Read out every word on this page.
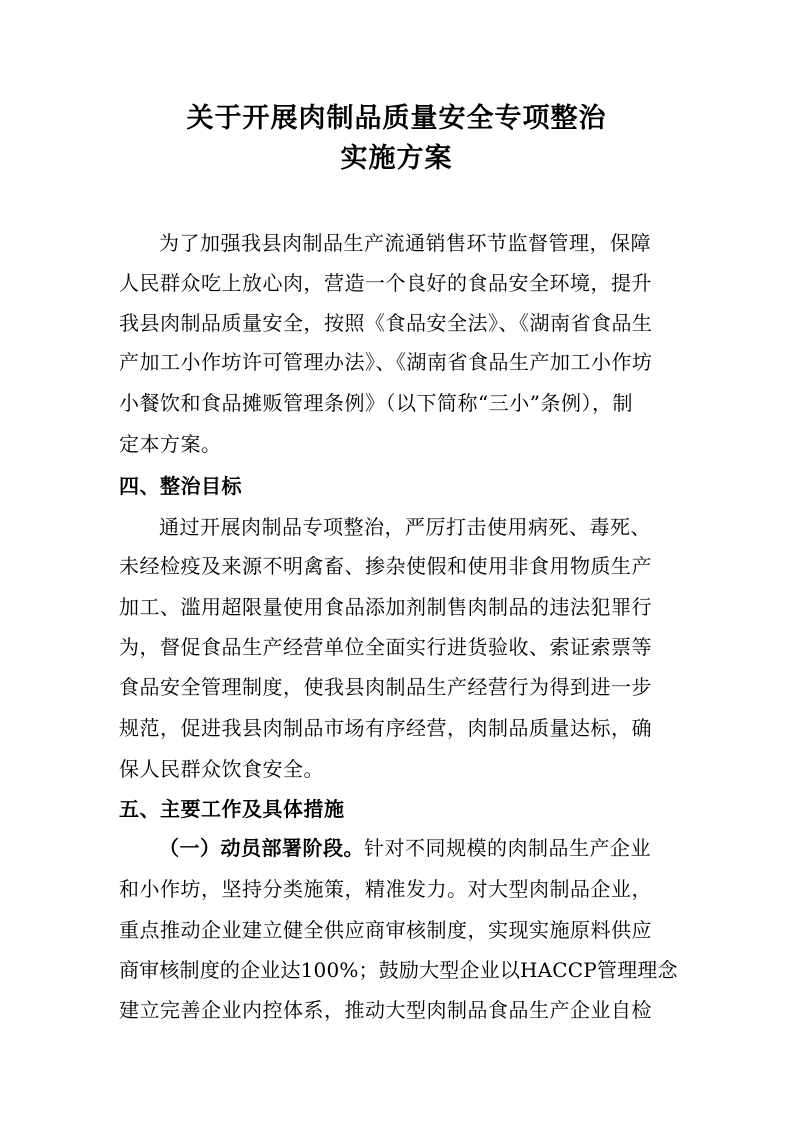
关于开展肉制品质量安全专项整治
实施方案
为了加强我县肉制品生产流通销售环节监督管理，保障
人民群众吃上放心肉，营造一个良好的食品安全环境，提升
我县肉制品质量安全，按照《食品安全法》、《湖南省食品生
产加工小作坊许可管理办法》、《湖南省食品生产加工小作坊
小餐饮和食品摊贩管理条例》（以下简称“三小”条例），制
定本方案。
四、整治目标
通过开展肉制品专项整治，严厉打击使用病死、毒死、
未经检疫及来源不明禽畜、掺杂使假和使用非食用物质生产
加工、滥用超限量使用食品添加剂制售肉制品的违法犯罪行
为，督促食品生产经营单位全面实行进货验收、索证索票等
食品安全管理制度，使我县肉制品生产经营行为得到进一步
规范，促进我县肉制品市场有序经营，肉制品质量达标，确
保人民群众饮食安全。
五、主要工作及具体措施
（一）动员部署阶段。针对不同规模的肉制品生产企业
和小作坊，坚持分类施策，精准发力。对大型肉制品企业，
重点推动企业建立健全供应商审核制度，实现实施原料供应
商审核制度的企业达100%；鼓励大型企业以HACCP管理理念
建立完善企业内控体系，推动大型肉制品食品生产企业自检
